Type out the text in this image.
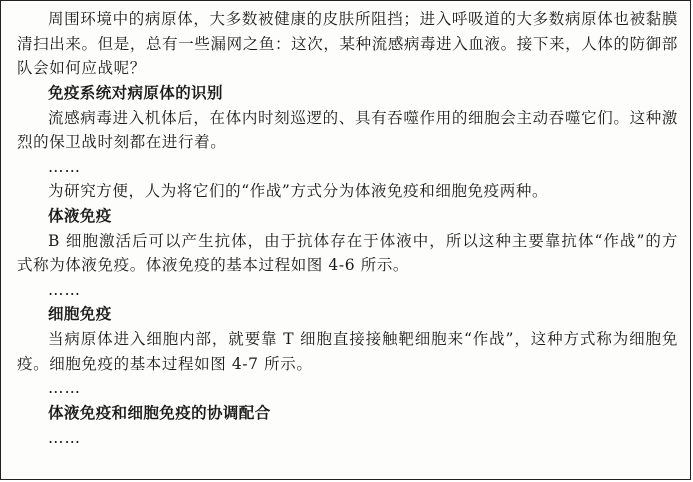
周围环境中的病原体，大多数被健康的皮肤所阻挡；进入呼吸道的大多数病原体也被黏膜清扫出来。但是，总有一些漏网之鱼：这次，某种流感病毒进入血液。接下来，人体的防御部队会如何应战呢？

免疫系统对病原体的识别

流感病毒进入机体后，在体内时刻巡逻的、具有吞噬作用的细胞会主动吞噬它们。这种激烈的保卫战时刻都在进行着。

……

为研究方便，人为将它们的“作战”方式分为体液免疫和细胞免疫两种。

体液免疫

B 细胞激活后可以产生抗体，由于抗体存在于体液中，所以这种主要靠抗体“作战”的方式称为体液免疫。体液免疫的基本过程如图 4-6 所示。

……

细胞免疫

当病原体进入细胞内部，就要靠 T 细胞直接接触靶细胞来“作战”，这种方式称为细胞免疫。细胞免疫的基本过程如图 4-7 所示。

……

体液免疫和细胞免疫的协调配合

……
